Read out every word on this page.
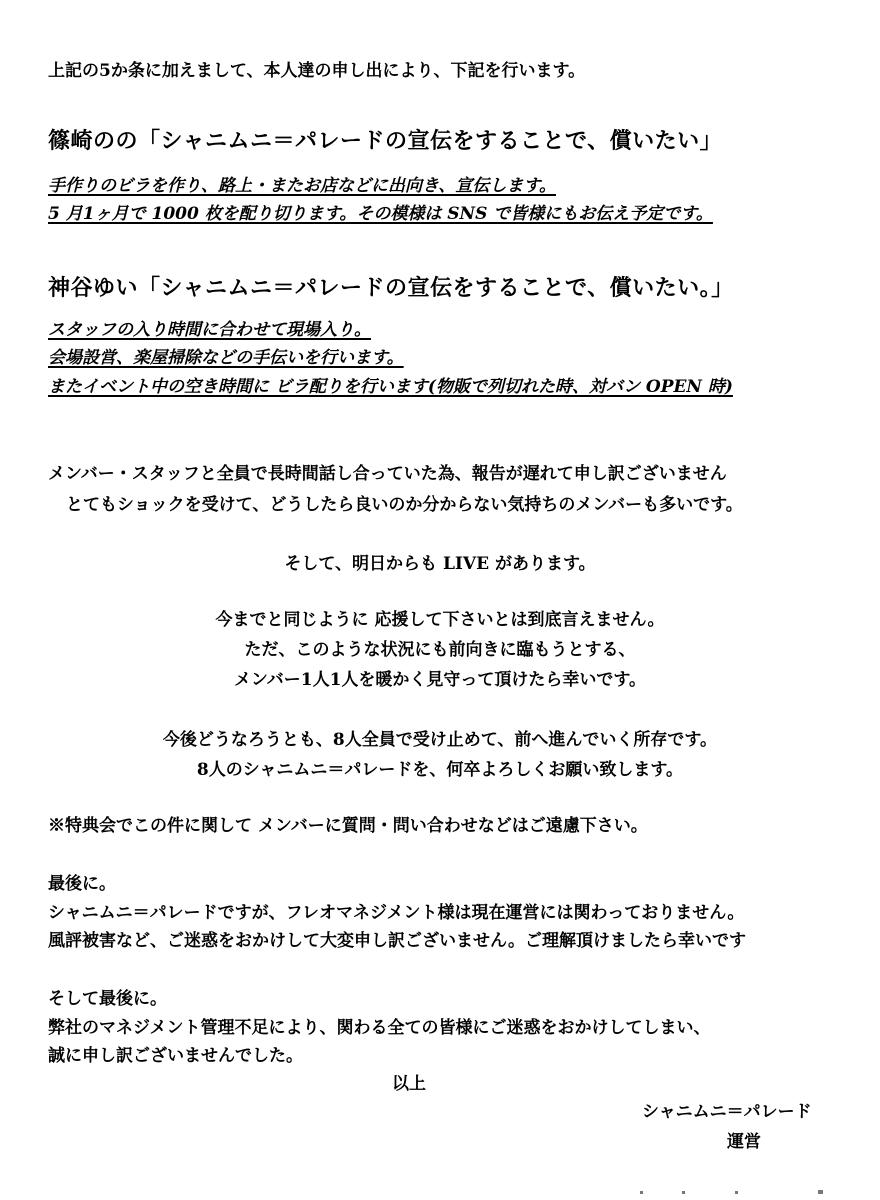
上記の5か条に加えまして、本人達の申し出により、下記を行います。
篠崎のの「シャニムニ＝パレードの宣伝をすることで、償いたい」
手作りのビラを作り、路上・またお店などに出向き、宣伝します。
5 月1ヶ月で 1000 枚を配り切ります。その模様は SNS で皆様にもお伝え予定です。
神谷ゆい「シャニムニ＝パレードの宣伝をすることで、償いたい。」
スタッフの入り時間に合わせて現場入り。
会場設営、楽屋掃除などの手伝いを行います。
またイベント中の空き時間に ビラ配りを行います(物販で列切れた時、対バン OPEN 時)
メンバー・スタッフと全員で長時間話し合っていた為、報告が遅れて申し訳ございません
とてもショックを受けて、どうしたら良いのか分からない気持ちのメンバーも多いです。
そして、明日からも LIVE があります。
今までと同じように 応援して下さいとは到底言えません。
ただ、このような状況にも前向きに臨もうとする、
メンバー1人1人を暖かく見守って頂けたら幸いです。
今後どうなろうとも、8人全員で受け止めて、前へ進んでいく所存です。
8人のシャニムニ＝パレードを、何卒よろしくお願い致します。
※特典会でこの件に関して メンバーに質問・問い合わせなどはご遠慮下さい。
最後に。
シャニムニ＝パレードですが、フレオマネジメント様は現在運営には関わっておりません。
風評被害など、ご迷惑をおかけして大変申し訳ございません。ご理解頂けましたら幸いです
そして最後に。
弊社のマネジメント管理不足により、関わる全ての皆様にご迷惑をおかけしてしまい、
誠に申し訳ございませんでした。
以上
シャニムニ＝パレード
運営
